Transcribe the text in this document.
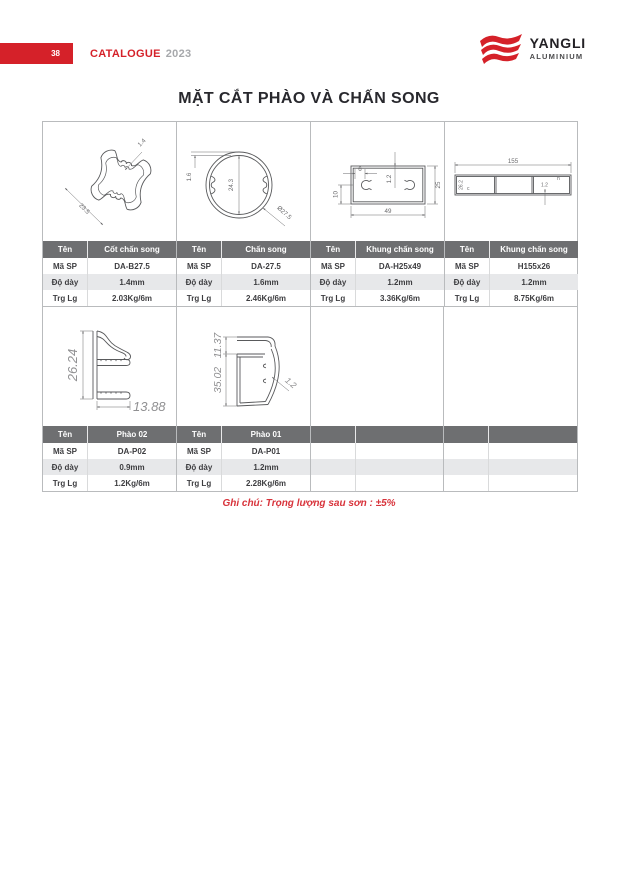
38	CATALOGUE 2023
YANGLI
ALUMINIUM
MẶT CẮT PHÀO VÀ CHẤN SONG
23.5
1.4
Tên	Cốt chấn song
Mã SP	DA-B27.5
Độ dày	1.4mm
Trg Lg	2.03Kg/6m
24.3
1.6
Ø27.5
Tên	Chấn song
Mã SP	DA-27.5
Độ dày	1.6mm
Trg Lg	2.46Kg/6m
6
1.2
10
49
25
Tên	Khung chấn song
Mã SP	DA-H25x49
Độ dày	1.2mm
Trg Lg	3.36Kg/6m
155
26.2 c
1.2
n
Tên	Khung chấn song
Mã SP	H155x26
Độ dày	1.2mm
Trg Lg	8.75Kg/6m
26.24
13.88
Tên	Phào 02
Mã SP	DA-P02
Độ dày	0.9mm
Trg Lg	1.2Kg/6m
11.37
35.02	1.2
Tên	Phào 01
Mã SP	DA-P01
Độ dày	1.2mm
Trg Lg	2.28Kg/6m
Ghi chú: Trọng lượng sau sơn : ±5%
